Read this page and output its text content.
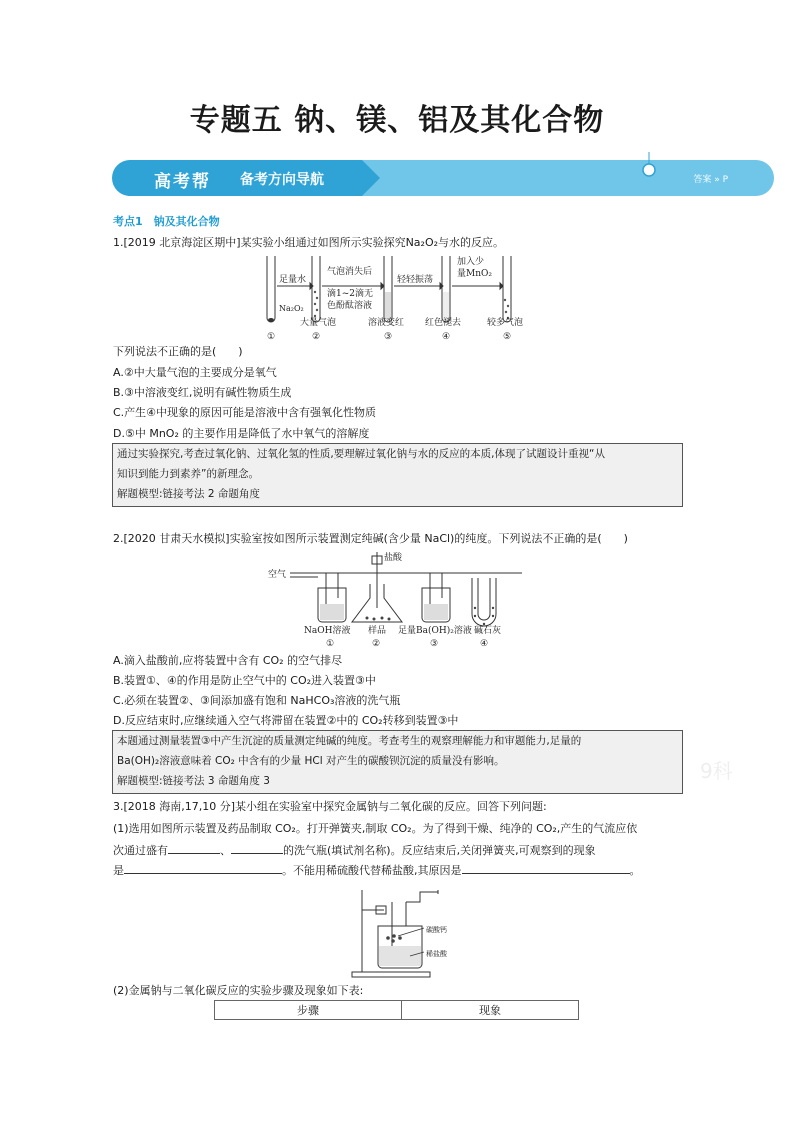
专题五 钠、镁、铝及其化合物
高考帮 备考方向导航	答案 » P
考点1　钠及其化合物
1.[2019 北京海淀区期中]某实验小组通过如图所示实验探究Na₂O₂与水的反应。
足量水
气泡消失后
滴1~2滴无
色酚酞溶液
轻轻振荡
加入少
量MnO₂
Na₂O₂
大量气泡	溶液变红 红色褪去	较多气泡
①	②	③	④	⑤
下列说法不正确的是(　　)
A.②中大量气泡的主要成分是氧气
B.③中溶液变红,说明有碱性物质生成
C.产生④中现象的原因可能是溶液中含有强氧化性物质
D.⑤中 MnO₂ 的主要作用是降低了水中氧气的溶解度
通过实验探究,考查过氧化钠、过氧化氢的性质,要理解过氧化钠与水的反应的本质,体现了试题设计重视“从
知识到能力到素养”的新理念。
解题模型:链接考法 2 命题角度
2.[2020 甘肃天水模拟]实验室按如图所示装置测定纯碱(含少量 NaCl)的纯度。下列说法不正确的是(　　)
空气
盐酸
NaOH溶液 样品 足量Ba(OH)₂溶液 碱石灰
①	②	③	④
A.滴入盐酸前,应将装置中含有 CO₂ 的空气排尽
B.装置①、④的作用是防止空气中的 CO₂进入装置③中
C.必须在装置②、③间添加盛有饱和 NaHCO₃溶液的洗气瓶
D.反应结束时,应继续通入空气将滞留在装置②中的 CO₂转移到装置③中
本题通过测量装置③中产生沉淀的质量测定纯碱的纯度。考查考生的观察理解能力和审题能力,足量的
Ba(OH)₂溶液意味着 CO₂ 中含有的少量 HCl 对产生的碳酸钡沉淀的质量没有影响。
解题模型:链接考法 3 命题角度 3	9科
3.[2018 海南,17,10 分]某小组在实验室中探究金属钠与二氧化碳的反应。回答下列问题:
(1)选用如图所示装置及药品制取 CO₂。打开弹簧夹,制取 CO₂。为了得到干燥、纯净的 CO₂,产生的气流应依
次通过盛有	、	的洗气瓶(填试剂名称)。反应结束后,关闭弹簧夹,可观察到的现象
是	。不能用稀硫酸代替稀盐酸,其原因是	。
碳酸钙
稀盐酸
(2)金属钠与二氧化碳反应的实验步骤及现象如下表:
步骤	现象
